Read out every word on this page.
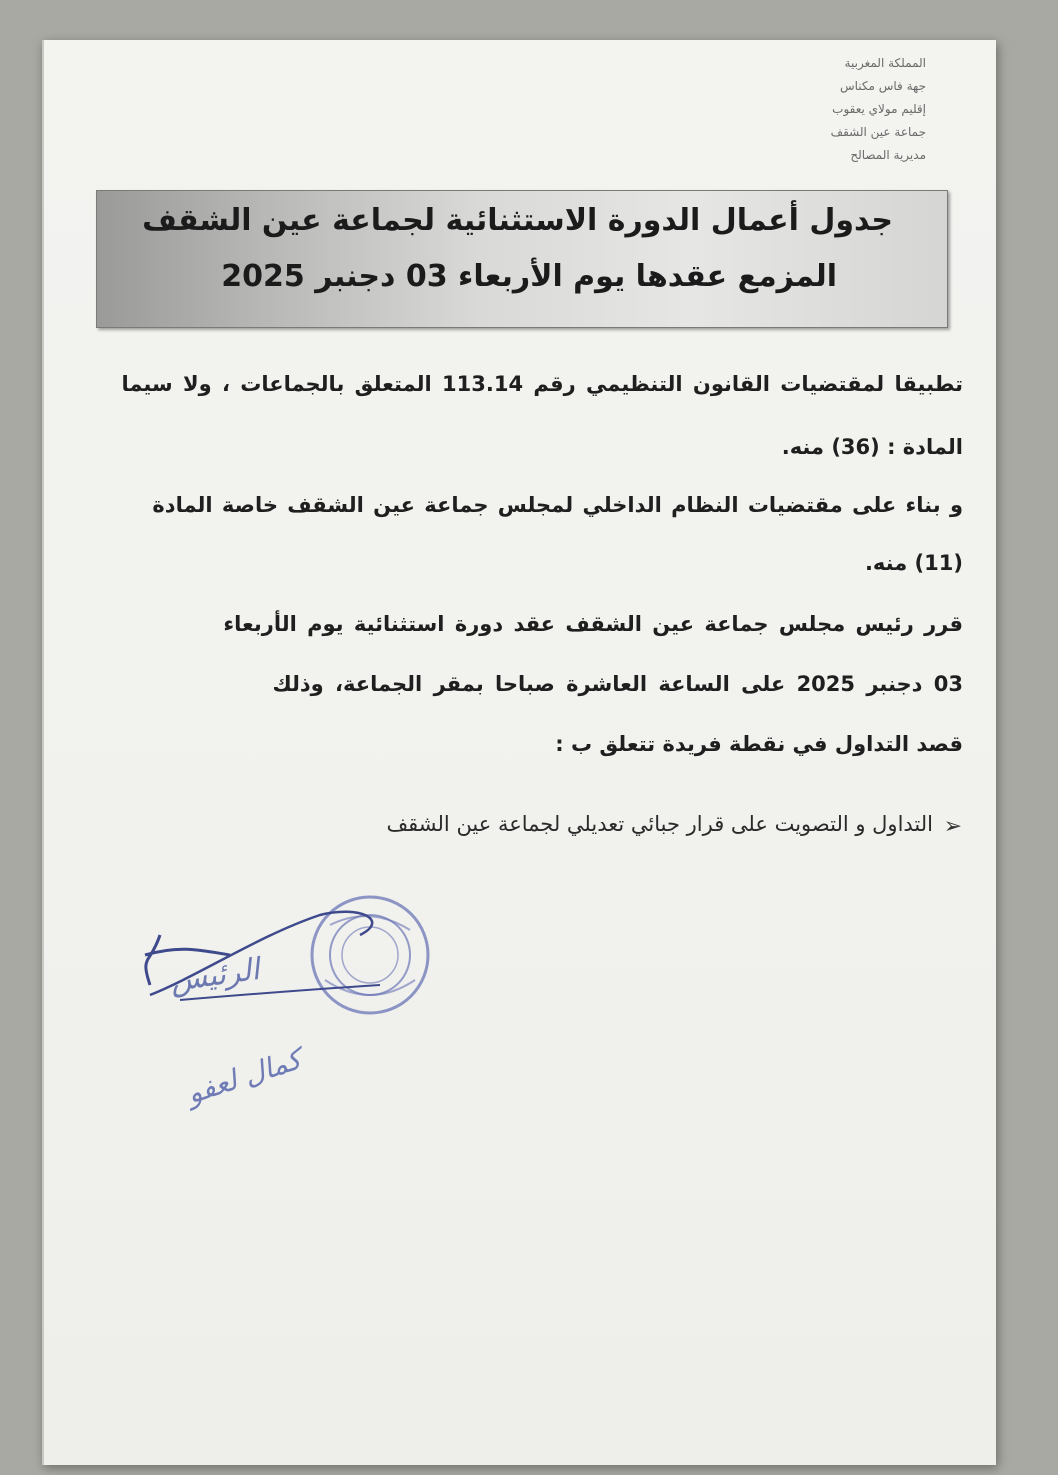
المملكة المغربية
جهة فاس مكناس
إقليم مولاي يعقوب
جماعة عين الشقف
مديرية المصالح
جدول أعمال الدورة الاستثنائية لجماعة عين الشقف
المزمع عقدها يوم الأربعاء 03 دجنبر 2025
تطبيقا لمقتضيات القانون التنظيمي رقم 113.14 المتعلق بالجماعات ، ولا سيما
المادة : (36) منه.
و بناء على مقتضيات النظام الداخلي لمجلس جماعة عين الشقف خاصة المادة
(11) منه.
قرر رئيس مجلس جماعة عين الشقف عقد دورة استثنائية يوم الأربعاء
03 دجنبر 2025 على الساعة العاشرة صباحا بمقر الجماعة، وذلك
قصد التداول في نقطة فريدة تتعلق ب :
➢
التداول و التصويت على قرار جبائي تعديلي لجماعة عين الشقف
الرئيس
كمال لعفو
